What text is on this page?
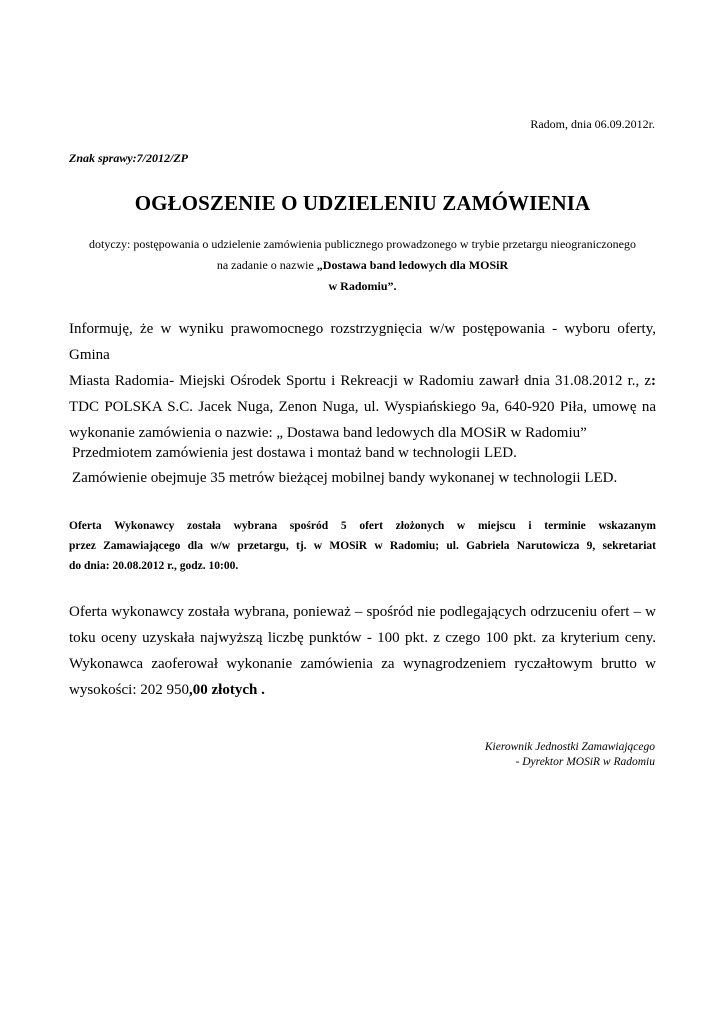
Radom, dnia 06.09.2012r.
Znak sprawy:7/2012/ZP
OGŁOSZENIE O UDZIELENIU ZAMÓWIENIA
dotyczy: postępowania o udzielenie zamówienia publicznego prowadzonego w trybie przetargu nieograniczonego
na zadanie o nazwie „Dostawa band ledowych dla MOSiR
w Radomiu”.
Informuję, że w wyniku prawomocnego rozstrzygnięcia w/w postępowania - wyboru oferty, Gmina
Miasta Radomia- Miejski Ośrodek Sportu i Rekreacji w Radomiu zawarł dnia 31.08.2012 r., z:
TDC POLSKA S.C. Jacek Nuga, Zenon Nuga, ul. Wyspiańskiego 9a, 640-920 Piła, umowę na
wykonanie zamówienia o nazwie: „ Dostawa band ledowych dla MOSiR w Radomiu”
Przedmiotem zamówienia jest dostawa i montaż band w technologii LED.
Zamówienie obejmuje 35 metrów bieżącej mobilnej bandy wykonanej w technologii LED.
Oferta Wykonawcy została wybrana spośród 5 ofert złożonych w miejscu i terminie wskazanym
przez Zamawiającego dla w/w przetargu, tj. w MOSiR w Radomiu; ul. Gabriela Narutowicza 9, sekretariat
do dnia: 20.08.2012 r., godz. 10:00.
Oferta wykonawcy została wybrana, ponieważ – spośród nie podlegających odrzuceniu ofert – w
toku oceny uzyskała najwyższą liczbę punktów - 100 pkt. z czego 100 pkt. za kryterium ceny.
Wykonawca zaoferował wykonanie zamówienia za wynagrodzeniem ryczałtowym brutto w
wysokości: 202 950,00 złotych .
Kierownik Jednostki Zamawiającego
- Dyrektor MOSiR w Radomiu
